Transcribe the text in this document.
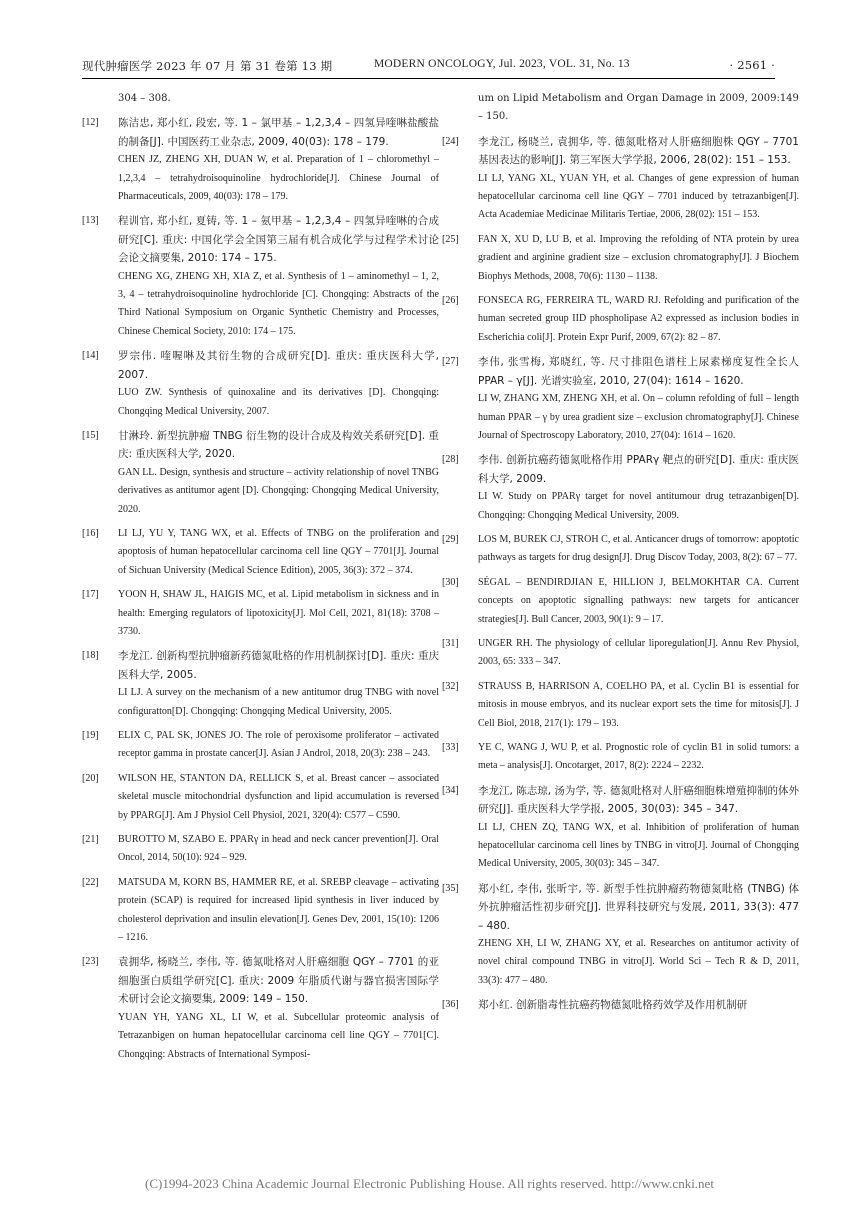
现代肿瘤医学 2023 年 07 月 第 31 卷第 13 期	MODERN ONCOLOGY, Jul. 2023, VOL. 31, No. 13	· 2561 ·
304 – 308.
[12]	陈洁忠, 郑小红, 段宏, 等. 1 – 氯甲基 – 1,2,3,4 – 四氢异喹啉盐酸盐的制备[J]. 中国医药工业杂志, 2009, 40(03): 178 – 179.
CHEN JZ, ZHENG XH, DUAN W, et al. Preparation of 1 – chloromethyl – 1,2,3,4 – tetrahydroisoquinoline hydrochloride[J]. Chinese Journal of Pharmaceuticals, 2009, 40(03): 178 – 179.
[13]	程训官, 郑小红, 夏铸, 等. 1 – 氨甲基 – 1,2,3,4 – 四氢异喹啉的合成研究[C]. 重庆: 中国化学会全国第三届有机合成化学与过程学术讨论会论文摘要集, 2010: 174 – 175.
CHENG XG, ZHENG XH, XIA Z, et al. Synthesis of 1 – aminomethyl – 1, 2, 3, 4 – tetrahydroisoquinoline hydrochloride [C]. Chongqing: Abstracts of the Third National Symposium on Organic Synthetic Chemistry and Processes, Chinese Chemical Society, 2010: 174 – 175.
[14]	罗宗伟. 喹喔啉及其衍生物的合成研究[D]. 重庆: 重庆医科大学, 2007.
LUO ZW. Synthesis of quinoxaline and its derivatives [D]. Chongqing: Chongqing Medical University, 2007.
[15]	甘淋玲. 新型抗肿瘤 TNBG 衍生物的设计合成及构效关系研究[D]. 重庆: 重庆医科大学, 2020.
GAN LL. Design, synthesis and structure – activity relationship of novel TNBG derivatives as antitumor agent [D]. Chongqing: Chongqing Medical University, 2020.
[16]	LI LJ, YU Y, TANG WX, et al. Effects of TNBG on the proliferation and apoptosis of human hepatocellular carcinoma cell line QGY – 7701[J]. Journal of Sichuan University (Medical Science Edition), 2005, 36(3): 372 – 374.
[17]	YOON H, SHAW JL, HAIGIS MC, et al. Lipid metabolism in sickness and in health: Emerging regulators of lipotoxicity[J]. Mol Cell, 2021, 81(18): 3708 – 3730.
[18]	李龙江. 创新构型抗肿瘤新药德氮吡格的作用机制探讨[D]. 重庆: 重庆医科大学, 2005.
LI LJ. A survey on the mechanism of a new antitumor drug TNBG with novel configuratton[D]. Chongqing: Chongqing Medical University, 2005.
[19]	ELIX C, PAL SK, JONES JO. The role of peroxisome proliferator – activated receptor gamma in prostate cancer[J]. Asian J Androl, 2018, 20(3): 238 – 243.
[20]	WILSON HE, STANTON DA, RELLICK S, et al. Breast cancer – associated skeletal muscle mitochondrial dysfunction and lipid accumulation is reversed by PPARG[J]. Am J Physiol Cell Physiol, 2021, 320(4): C577 – C590.
[21]	BUROTTO M, SZABO E. PPARγ in head and neck cancer prevention[J]. Oral Oncol, 2014, 50(10): 924 – 929.
[22]	MATSUDA M, KORN BS, HAMMER RE, et al. SREBP cleavage – activating protein (SCAP) is required for increased lipid synthesis in liver induced by cholesterol deprivation and insulin elevation[J]. Genes Dev, 2001, 15(10): 1206 – 1216.
[23]	袁拥华, 杨晓兰, 李伟, 等. 德氮吡格对人肝癌细胞 QGY – 7701 的亚细胞蛋白质组学研究[C]. 重庆: 2009 年脂质代谢与器官损害国际学术研讨会论文摘要集, 2009: 149 – 150.
YUAN YH, YANG XL, LI W, et al. Subcellular proteomic analysis of Tetrazanbigen on human hepatocellular carcinoma cell line QGY – 7701[C]. Chongqing: Abstracts of International Symposi-
um on Lipid Metabolism and Organ Damage in 2009, 2009:149 – 150.
[24]	李龙江, 杨晓兰, 袁拥华, 等. 德氮吡格对人肝癌细胞株 QGY – 7701 基因表达的影响[J]. 第三军医大学学报, 2006, 28(02): 151 – 153.
LI LJ, YANG XL, YUAN YH, et al. Changes of gene expression of human hepatocellular carcinoma cell line QGY – 7701 induced by tetrazanbigen[J]. Acta Academiae Medicinae Militaris Tertiae, 2006, 28(02): 151 – 153.
[25]	FAN X, XU D, LU B, et al. Improving the refolding of NTA protein by urea gradient and arginine gradient size – exclusion chromatography[J]. J Biochem Biophys Methods, 2008, 70(6): 1130 – 1138.
[26]	FONSECA RG, FERREIRA TL, WARD RJ. Refolding and purification of the human secreted group IID phospholipase A2 expressed as inclusion bodies in Escherichia coli[J]. Protein Expr Purif, 2009, 67(2): 82 – 87.
[27]	李伟, 张雪梅, 郑晓红, 等. 尺寸排阻色谱柱上尿素梯度复性全长人 PPAR – γ[J]. 光谱实验室, 2010, 27(04): 1614 – 1620.
LI W, ZHANG XM, ZHENG XH, et al. On – column refolding of full – length human PPAR – γ by urea gradient size – exclusion chromatography[J]. Chinese Journal of Spectroscopy Laboratory, 2010, 27(04): 1614 – 1620.
[28]	李伟. 创新抗癌药德氮吡格作用 PPARγ 靶点的研究[D]. 重庆: 重庆医科大学, 2009.
LI W. Study on PPARγ target for novel antitumour drug tetrazanbigen[D]. Chongqing: Chongqing Medical University, 2009.
[29]	LOS M, BUREK CJ, STROH C, et al. Anticancer drugs of tomorrow: apoptotic pathways as targets for drug design[J]. Drug Discov Today, 2003, 8(2): 67 – 77.
[30]	SÉGAL – BENDIRDJIAN E, HILLION J, BELMOKHTAR CA. Current concepts on apoptotic signalling pathways: new targets for anticancer strategies[J]. Bull Cancer, 2003, 90(1): 9 – 17.
[31]	UNGER RH. The physiology of cellular liporegulation[J]. Annu Rev Physiol, 2003, 65: 333 – 347.
[32]	STRAUSS B, HARRISON A, COELHO PA, et al. Cyclin B1 is essential for mitosis in mouse embryos, and its nuclear export sets the time for mitosis[J]. J Cell Biol, 2018, 217(1): 179 – 193.
[33]	YE C, WANG J, WU P, et al. Prognostic role of cyclin B1 in solid tumors: a meta – analysis[J]. Oncotarget, 2017, 8(2): 2224 – 2232.
[34]	李龙江, 陈志琼, 汤为学, 等. 德氮吡格对人肝癌细胞株增殖抑制的体外研究[J]. 重庆医科大学学报, 2005, 30(03): 345 – 347.
LI LJ, CHEN ZQ, TANG WX, et al. Inhibition of proliferation of human hepatocellular carcinoma cell lines by TNBG in vitro[J]. Journal of Chongqing Medical University, 2005, 30(03): 345 – 347.
[35]	郑小红, 李伟, 张昕宇, 等. 新型手性抗肿瘤药物德氮吡格 (TNBG) 体外抗肿瘤活性初步研究[J]. 世界科技研究与发展, 2011, 33(3): 477 – 480.
ZHENG XH, LI W, ZHANG XY, et al. Researches on antitumor activity of novel chiral compound TNBG in vitro[J]. World Sci – Tech R & D, 2011, 33(3): 477 – 480.
[36]	郑小红. 创新脂毒性抗癌药物德氮吡格药效学及作用机制研
(C)1994-2023 China Academic Journal Electronic Publishing House. All rights reserved. http://www.cnki.net
